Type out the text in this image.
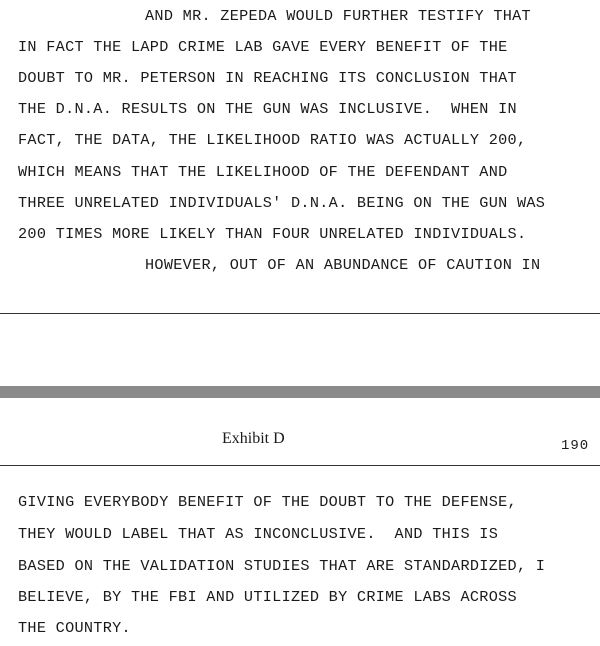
AND MR. ZEPEDA WOULD FURTHER TESTIFY THAT
IN FACT THE LAPD CRIME LAB GAVE EVERY BENEFIT OF THE
DOUBT TO MR. PETERSON IN REACHING ITS CONCLUSION THAT
THE D.N.A. RESULTS ON THE GUN WAS INCLUSIVE.  WHEN IN
FACT, THE DATA, THE LIKELIHOOD RATIO WAS ACTUALLY 200,
WHICH MEANS THAT THE LIKELIHOOD OF THE DEFENDANT AND
THREE UNRELATED INDIVIDUALS' D.N.A. BEING ON THE GUN WAS
200 TIMES MORE LIKELY THAN FOUR UNRELATED INDIVIDUALS.
HOWEVER, OUT OF AN ABUNDANCE OF CAUTION IN
Exhibit D	190
GIVING EVERYBODY BENEFIT OF THE DOUBT TO THE DEFENSE,
THEY WOULD LABEL THAT AS INCONCLUSIVE.  AND THIS IS
BASED ON THE VALIDATION STUDIES THAT ARE STANDARDIZED, I
BELIEVE, BY THE FBI AND UTILIZED BY CRIME LABS ACROSS
THE COUNTRY.
